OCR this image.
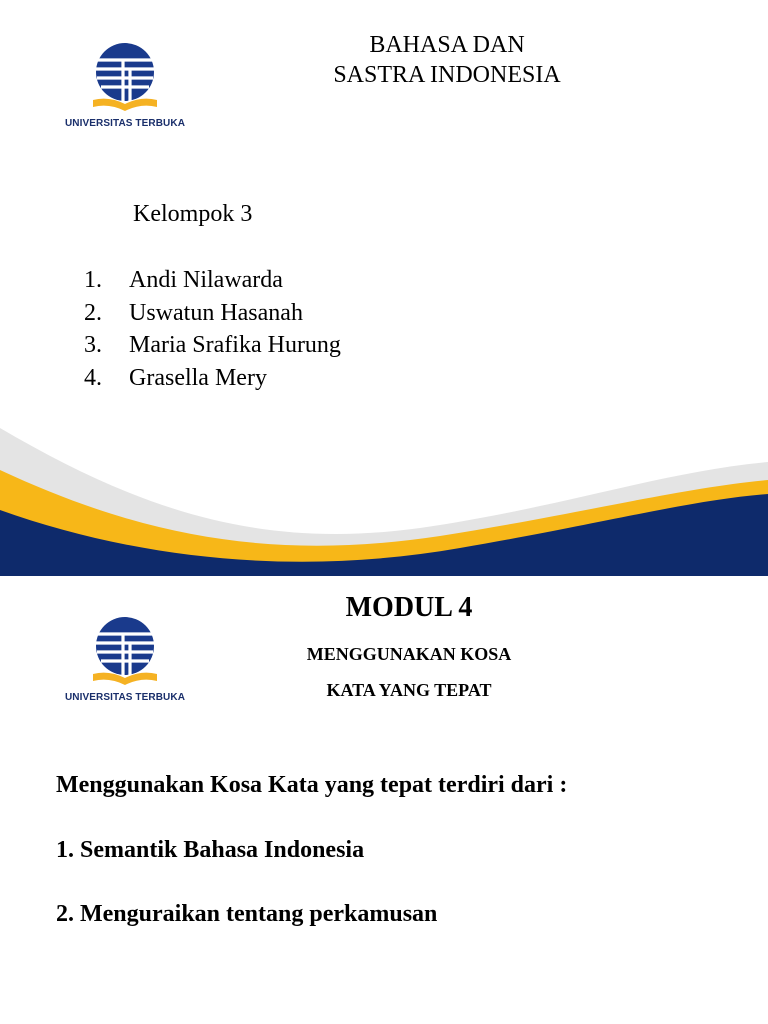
UNIVERSITAS TERBUKA
BAHASA DAN
SASTRA INDONESIA
Kelompok 3
1.	Andi Nilawarda
2.	Uswatun Hasanah
3.	Maria Srafika Hurung
4.	Grasella Mery
UNIVERSITAS TERBUKA
MODUL 4
MENGGUNAKAN KOSA
KATA YANG TEPAT
Menggunakan Kosa Kata yang tepat terdiri dari :
1. Semantik Bahasa Indonesia
2. Menguraikan tentang perkamusan
